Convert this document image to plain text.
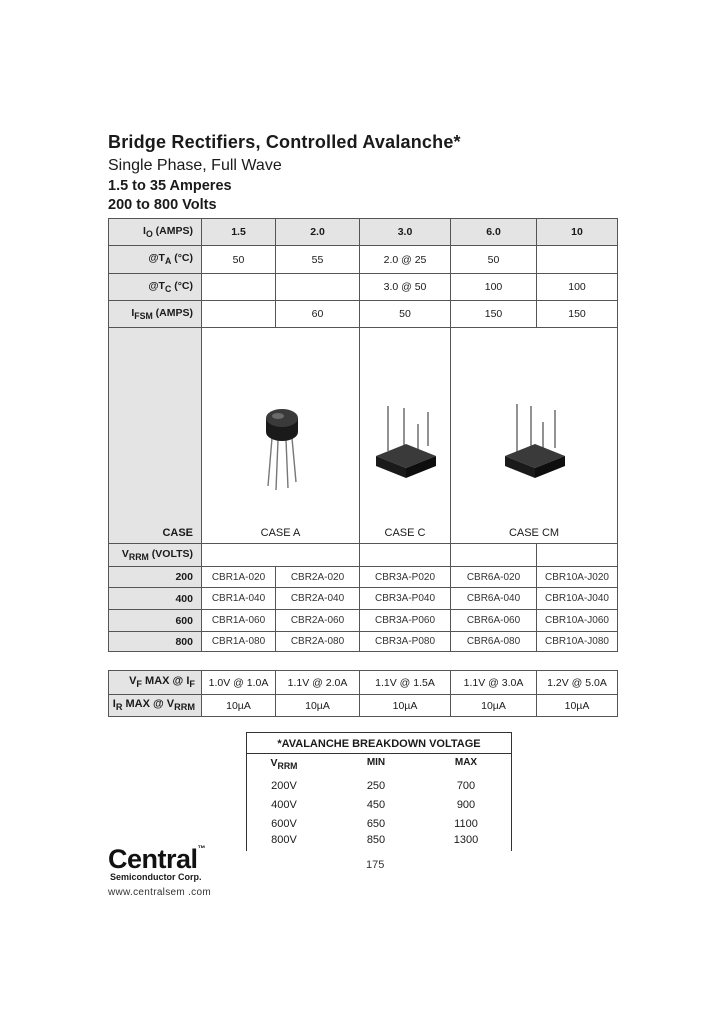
Bridge Rectifiers, Controlled Avalanche*
Single Phase, Full Wave
1.5 to 35 Amperes
200 to 800 Volts
$I_O$ (AMPS)	1.5	2.0	3.0	6.0	10
$@T_A$ (°C)	50	55	2.0 @ 25	50	
$@T_C$ (°C)			3.0 @ 50	100	100
$I_{FSM}$ (AMPS)		60	50	150	150
CASE	CASE A		CASE C	CASE CM	
$V_{RRM}$ (VOLTS)					
200	CBR1A-020	CBR2A-020	CBR3A-P020	CBR6A-020	CBR10A-J020
400	CBR1A-040	CBR2A-040	CBR3A-P040	CBR6A-040	CBR10A-J040
600	CBR1A-060	CBR2A-060	CBR3A-P060	CBR6A-060	CBR10A-J060
800	CBR1A-080	CBR2A-080	CBR3A-P080	CBR6A-080	CBR10A-J080
$V_F$ MAX @ $I_F$	1.0V @ 1.0A	1.1V @ 2.0A	1.1V @ 1.5A	1.1V @ 3.0A	1.2V @ 5.0A
$I_R$ MAX @ $V_{RRM}$	10µA	10µA	10µA	10µA	10µA
*AVALANCHE BREAKDOWN VOLTAGE
$V_{RRM}$	MIN	MAX
200V	250	700
400V	450	900
600V	650	1100
800V	850	1300
Central™
Semiconductor Corp.
www.centralsem .com
175
